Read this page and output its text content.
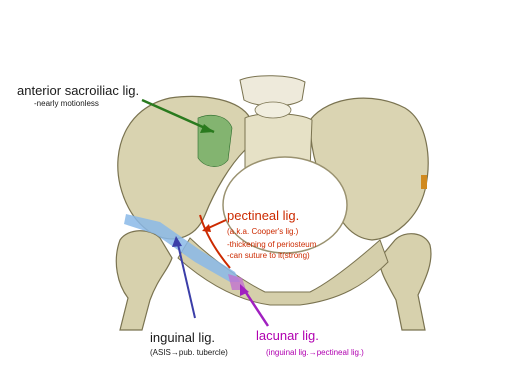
anterior sacroiliac lig.
-nearly motionless
pectineal lig.
(a.k.a. Cooper's lig.)
-thickening of periosteum
-can suture to it(strong)
inguinal lig.
(ASIS→pub. tubercle)
lacunar lig.
(inguinal lig.→pectineal lig.)
